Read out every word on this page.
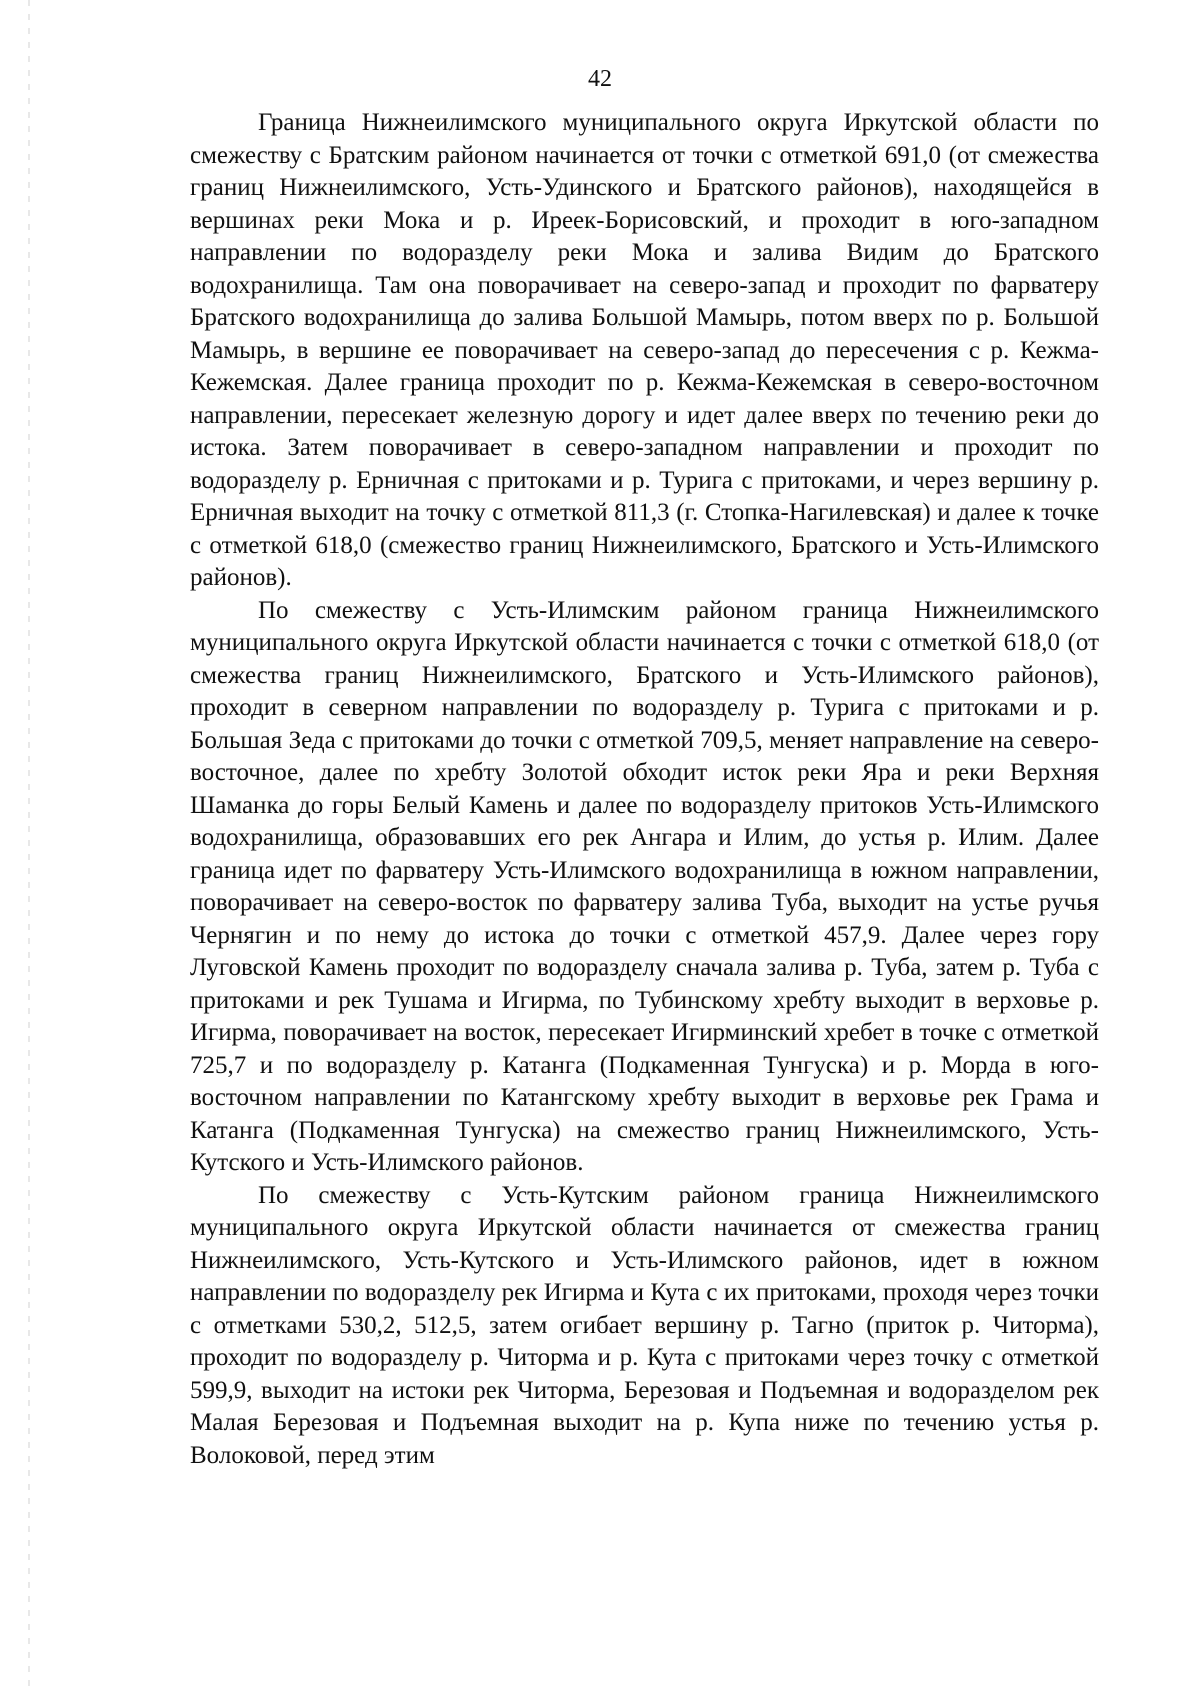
42

Граница Нижнеилимского муниципального округа Иркутской области по смежеству с Братским районом начинается от точки с отметкой 691,0 (от смежества границ Нижнеилимского, Усть-Удинского и Братского районов), находящейся в вершинах реки Мока и р. Ирeек-Борисовский, и проходит в юго-западном направлении по водоразделу реки Мока и залива Видим до Братского водохранилища. Там она поворачивает на северо-запад и проходит по фарватеру Братского водохранилища до залива Большой Мамырь, потом вверх по р. Большой Мамырь, в вершине ее поворачивает на северо-запад до пересечения с р. Кежма-Кежемская. Далее граница проходит по р. Кежма-Кежемская в северо-восточном направлении, пересекает железную дорогу и идет далее вверх по течению реки до истока. Затем поворачивает в северо-западном направлении и проходит по водоразделу р. Ерничная с притоками и р. Турига с притоками, и через вершину р. Ерничная выходит на точку с отметкой 811,3 (г. Стопка-Нагилевская) и далее к точке с отметкой 618,0 (смежество границ Нижнеилимского, Братского и Усть-Илимского районов).

По смежеству с Усть-Илимским районом граница Нижнеилимского муниципального округа Иркутской области начинается с точки с отметкой 618,0 (от смежества границ Нижнеилимского, Братского и Усть-Илимского районов), проходит в северном направлении по водоразделу р. Турига с притоками и р. Большая Зеда с притоками до точки с отметкой 709,5, меняет направление на северо-восточное, далее по хребту Золотой обходит исток реки Яра и реки Верхняя Шаманка до горы Белый Камень и далее по водоразделу притоков Усть-Илимского водохранилища, образовавших его рек Ангара и Илим, до устья р. Илим. Далее граница идет по фарватеру Усть-Илимского водохранилища в южном направлении, поворачивает на северо-восток по фарватеру залива Туба, выходит на устье ручья Чернягин и по нему до истока до точки с отметкой 457,9. Далее через гору Луговской Камень проходит по водоразделу сначала залива р. Туба, затем р. Туба с притоками и рек Тушама и Игирма, по Тубинскому хребту выходит в верховье р. Игирма, поворачивает на восток, пересекает Игирминский хребет в точке с отметкой 725,7 и по водоразделу р. Катанга (Подкаменная Тунгуска) и р. Морда в юго-восточном направлении по Катангскому хребту выходит в верховье рек Грама и Катанга (Подкаменная Тунгуска) на смежество границ Нижнеилимского, Усть-Кутского и Усть-Илимского районов.

По смежеству с Усть-Кутским районом граница Нижнеилимского муниципального округа Иркутской области начинается от смежества границ Нижнеилимского, Усть-Кутского и Усть-Илимского районов, идет в южном направлении по водоразделу рек Игирма и Кута с их притоками, проходя через точки с отметками 530,2, 512,5, затем огибает вершину р. Тагно (приток р. Читорма), проходит по водоразделу р. Читорма и р. Кута с притоками через точку с отметкой 599,9, выходит на истоки рек Читорма, Березовая и Подъемная и водоразделом рек Малая Березовая и Подъемная выходит на р. Купа ниже по течению устья р. Волоковой, перед этим
